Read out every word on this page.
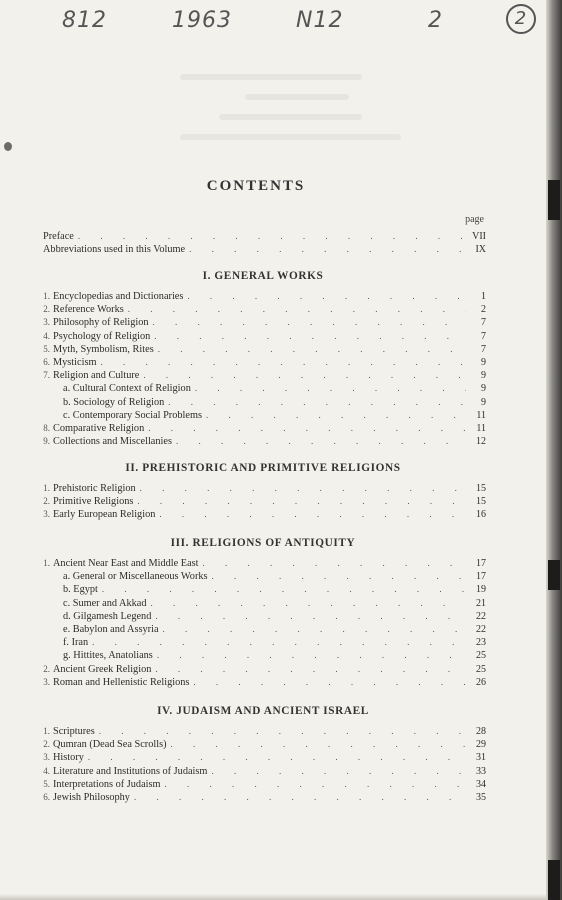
812	1963	N12	2	2
CONTENTS
page
Preface . . .	VII
Abbreviations used in this Volume . . .	IX
I. GENERAL WORKS
1. Encyclopedias and Dictionaries . . .	1
2. Reference Works . . .	2
3. Philosophy of Religion . . .	7
4. Psychology of Religion . . .	7
5. Myth, Symbolism, Rites . . .	7
6. Mysticism . . .	9
7. Religion and Culture . . .	9
a. Cultural Context of Religion . . .	9
b. Sociology of Religion . . .	9
c. Contemporary Social Problems . . .	11
8. Comparative Religion . . .	11
9. Collections and Miscellanies . . .	12
II. PREHISTORIC AND PRIMITIVE RELIGIONS
1. Prehistoric Religion . . .	15
2. Primitive Religions . . .	15
3. Early European Religion . . .	16
III. RELIGIONS OF ANTIQUITY
1. Ancient Near East and Middle East . . .	17
a. General or Miscellaneous Works . . .	17
b. Egypt . . .	19
c. Sumer and Akkad . . .	21
d. Gilgamesh Legend . . .	22
e. Babylon and Assyria . . .	22
f. Iran . . .	23
g. Hittites, Anatolians . . .	25
2. Ancient Greek Religion . . .	25
3. Roman and Hellenistic Religions . . .	26
IV. JUDAISM AND ANCIENT ISRAEL
1. Scriptures . . .	28
2. Qumran (Dead Sea Scrolls) . . .	29
3. History . . .	31
4. Literature and Institutions of Judaism . . .	33
5. Interpretations of Judaism . . .	34
6. Jewish Philosophy . . .	35
